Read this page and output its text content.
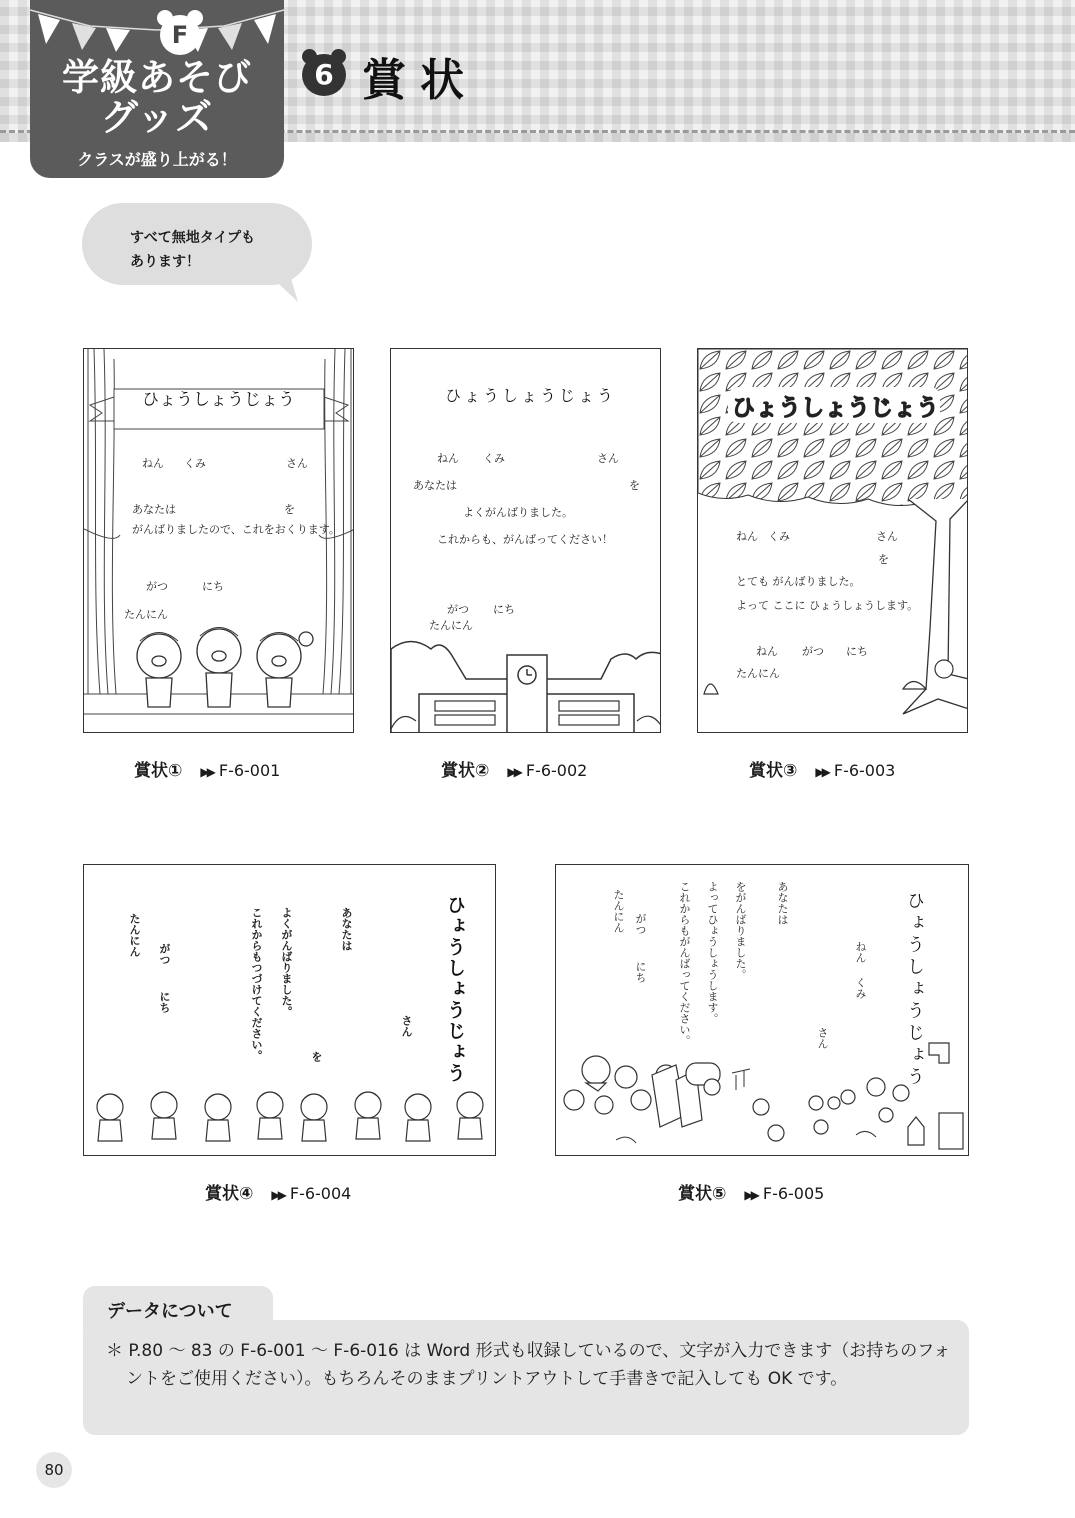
F
学級あそび
グッズ
クラスが盛り上がる！
6 賞状
すべて無地タイプも
あります！
ひょうしょうじょう
ねん くみ	さん
あなたは	を
がんばりましたので、これをおくります。
がつ	にち
たんにん
賞状① ▶▶ F-6-001
ひょうしょうじょう
ねん くみ	さん
あなたは	を
よくがんばりました。
これからも、がんばってください！
がつ にち
たんにん
賞状② ▶▶ F-6-002
ひょうしょうじょう
ねん くみ	さん
を
とても がんばりました。
よって ここに ひょうしょうします。
ねん がつ にち
たんにん
賞状③ ▶▶ F-6-003
ひょうしょうじょう
さん
あなたは
を
よくがんばりました。
これからもつづけてください。
がつ
にち
たんにん
賞状④ ▶▶ F-6-004
ひょうしょうじょう
ねん
くみ
さん
あなたは
をがんばりました。
よってひょうしょうします。
これからもがんばってください。
がつ
にち
たんにん
賞状⑤ ▶▶ F-6-005
データについて
＊ P.80 ～ 83 の F-6-001 ～ F-6-016 は Word 形式も収録しているので、文字が入力できます（お持ちのフォントをご使用ください）。もちろんそのままプリントアウトして手書きで記入しても OK です。
80
